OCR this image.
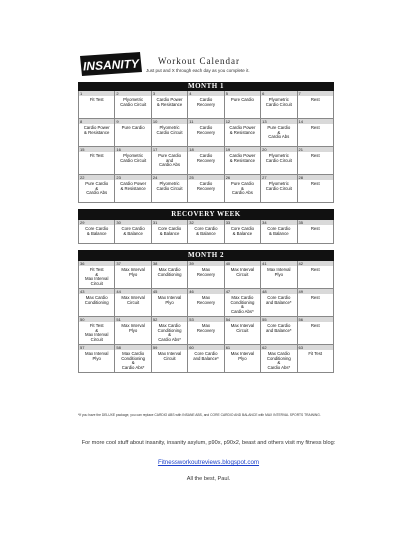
INSANITY Workout Calendar
Just put and X through each day as you complete it.
MONTH 1
1
Fit Test
2
Plyometric
Cardio Circuit
3
Cardio Power
& Resistance
4
Cardio
Recovery
5
Pure Cardio
6
Plyometric
Cardio Circuit
7
Rest
8
Cardio Power
& Resistance
9
Pure Cardio
10
Plyometric
Cardio Circuit
11
Cardio
Recovery
12
Cardio Power
& Resistance
13
Pure Cardio
&
Cardio Abs
14
Rest
15
Fit Test
16
Plyometric
Cardio Circuit
17
Pure Cardio
and
Cardio Abs
18
Cardio
Recovery
19
Cardio Power
& Resistance
20
Plyometric
Cardio Circuit
21
Rest
22
Pure Cardio
&
Cardio Abs
23
Cardio Power
& Resistance
24
Plyometric
Cardio Circuit
25
Cardio
Recovery
26
Pure Cardio
&
Cardio Abs
27
Plyometric
Cardio Circuit
28
Rest
RECOVERY WEEK
29
Core Cardio
& Balance
30
Core Cardio
& Balance
31
Core Cardio
& Balance
32
Core Cardio
& Balance
33
Core Cardio
& Balance
34
Core Cardio
& Balance
35
Rest
MONTH 2
36
Fit Test
&
Max Interval
Circuit
37
Max Interval
Plyo
38
Max Cardio
Conditioning
39
Max
Recovery
40
Max Interval
Circuit
41
Max Interval
Plyo
42
Rest
43
Max Cardio
Conditioning
44
Max Interval
Circuit
45
Max Interval
Plyo
46
Max
Recovery
47
Max Cardio
Conditioning
&
Cardio Abs*
48
Core Cardio
and Balance*
49
Rest
50
Fit Test
&
Max Interval
Circuit
51
Max Interval
Plyo
52
Max Cardio
Conditioning
&
Cardio Abs*
53
Max
Recovery
54
Max Interval
Circuit
55
Core Cardio
and Balance*
56
Rest
57
Max Interval
Plyo
58
Max Cardio
Conditioning
&
Cardio Abs*
59
Max Interval
Circuit
60
Core Cardio
and Balance*
61
Max Interval
Plyo
62
Max Cardio
Conditioning
&
Cardio Abs*
63
Fit Test
*If you have the DELUXE package, you can replace CARDIO ABS with INSANE ABS, and CORE CARDIO AND BALANCE with MAX INTERVAL SPORTS TRAINING.
For more cool stuff about insanity, insanity asylum, p90x, p90x2, beast and others visit my fitness blog:
Fitnessworkoutreviews.blogspot.com
All the best, Paul.
